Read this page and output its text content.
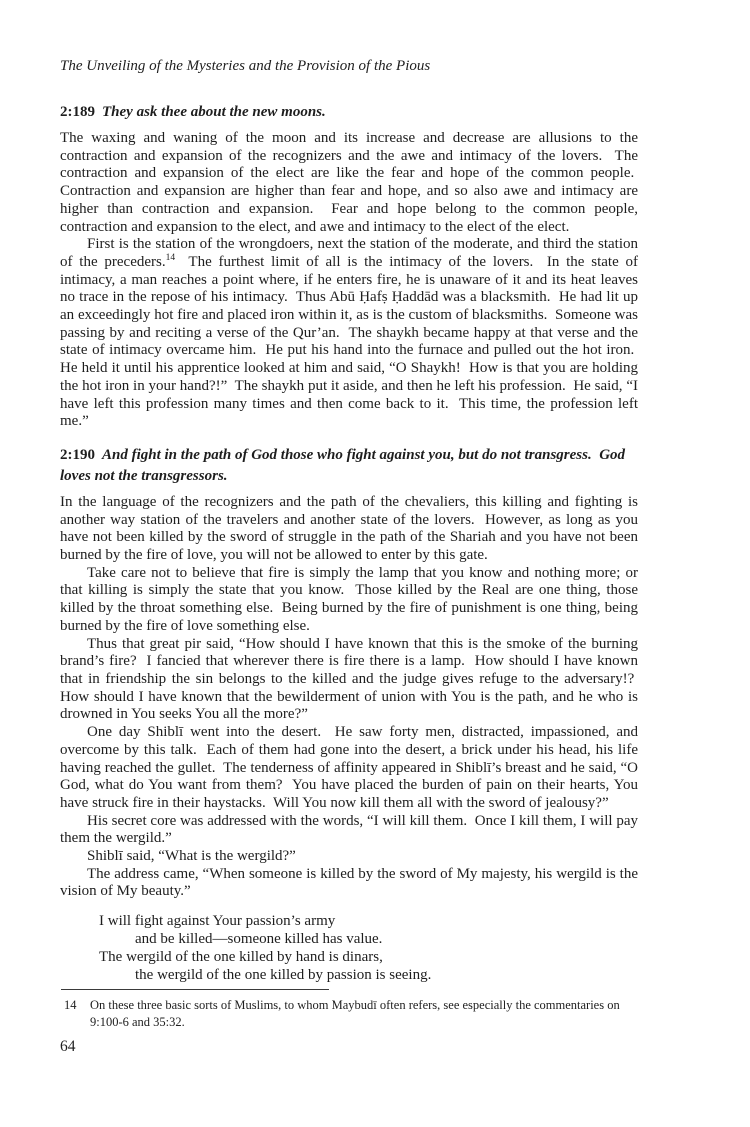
The Unveiling of the Mysteries and the Provision of the Pious
2:189 They ask thee about the new moons.

The waxing and waning of the moon and its increase and decrease are allusions to the contraction and expansion of the recognizers and the awe and intimacy of the lovers.  The contraction and expansion of the elect are like the fear and hope of the common people.  Contraction and expansion are higher than fear and hope, and so also awe and intimacy are higher than contraction and expansion.  Fear and hope belong to the common people, contraction and expansion to the elect, and awe and intimacy to the elect of the elect.

First is the station of the wrongdoers, next the station of the moderate, and third the station of the preceders.$^{14}$  The furthest limit of all is the intimacy of the lovers.  In the state of intimacy, a man reaches a point where, if he enters fire, he is unaware of it and its heat leaves no trace in the repose of his intimacy.  Thus Abū Ḥafṣ Ḥaddād was a blacksmith.  He had lit up an exceedingly hot fire and placed iron within it, as is the custom of blacksmiths.  Someone was passing by and reciting a verse of the Qur’an.  The shaykh became happy at that verse and the state of intimacy overcame him.  He put his hand into the furnace and pulled out the hot iron.  He held it until his apprentice looked at him and said, “O Shaykh!  How is that you are holding the hot iron in your hand?!”  The shaykh put it aside, and then he left his profession.  He said, “I have left this profession many times and then come back to it.  This time, the profession left me.”

2:190 And fight in the path of God those who fight against you, but do not transgress.  God loves not the transgressors.

In the language of the recognizers and the path of the chevaliers, this killing and fighting is another way station of the travelers and another state of the lovers.  However, as long as you have not been killed by the sword of struggle in the path of the Shariah and you have not been burned by the fire of love, you will not be allowed to enter by this gate.

Take care not to believe that fire is simply the lamp that you know and nothing more; or that killing is simply the state that you know.  Those killed by the Real are one thing, those killed by the throat something else.  Being burned by the fire of punishment is one thing, being burned by the fire of love something else.

Thus that great pir said, “How should I have known that this is the smoke of the burning brand’s fire?  I fancied that wherever there is fire there is a lamp.  How should I have known that in friendship the sin belongs to the killed and the judge gives refuge to the adversary!?  How should I have known that the bewilderment of union with You is the path, and he who is drowned in You seeks You all the more?”

One day Shiblī went into the desert.  He saw forty men, distracted, impassioned, and overcome by this talk.  Each of them had gone into the desert, a brick under his head, his life having reached the gullet.  The tenderness of affinity appeared in Shiblī’s breast and he said, “O God, what do You want from them?  You have placed the burden of pain on their hearts, You have struck fire in their haystacks.  Will You now kill them all with the sword of jealousy?”

His secret core was addressed with the words, “I will kill them.  Once I kill them, I will pay them the wergild.”

Shiblī said, “What is the wergild?”

The address came, “When someone is killed by the sword of My majesty, his wergild is the vision of My beauty.”

I will fight against Your passion’s army
and be killed—someone killed has value.
The wergild of the one killed by hand is dinars,
the wergild of the one killed by passion is seeing.
14	On these three basic sorts of Muslims, to whom Maybudī often refers, see especially the commentaries on 9:100-6 and 35:32.
64
